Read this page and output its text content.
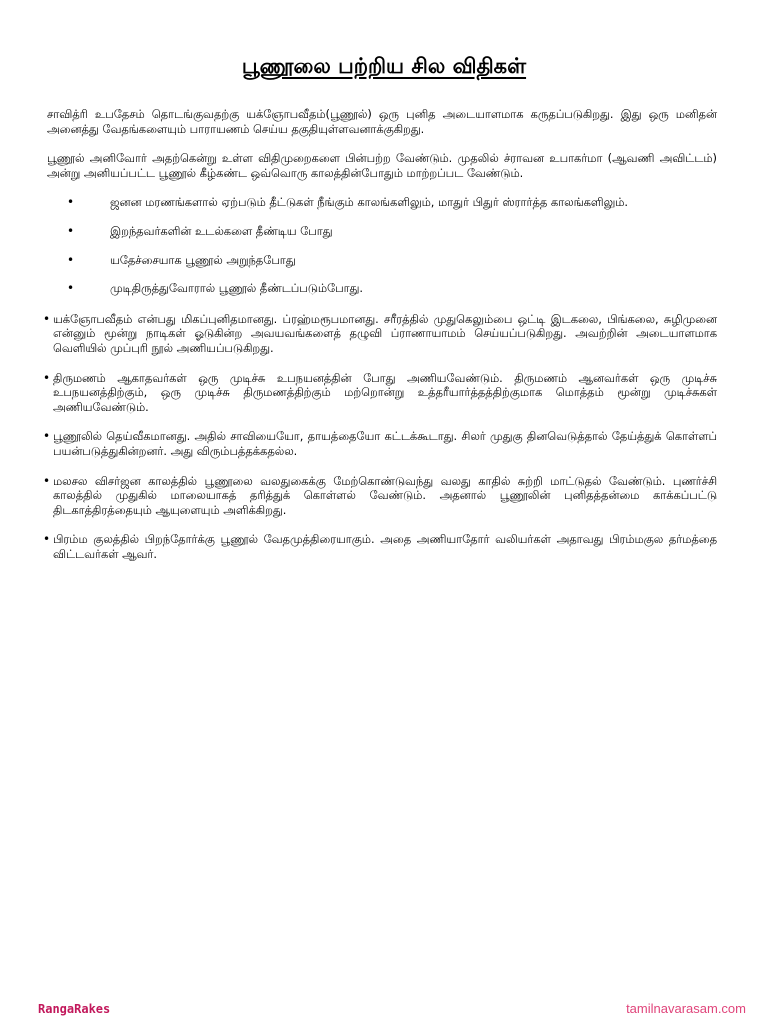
பூணூலை பற்றிய சில விதிகள்

சாவித்ரி உபதேசம் தொடங்குவதற்கு யக்ஞோபவீதம்(பூணூல்) ஒரு புனித அடையாளமாக கருதப்படுகிறது. இது ஒரு மனிதன் அனைத்து வேதங்களையும் பாராயணம் செய்ய தகுதியுள்ளவனாக்குகிறது.

பூணூல் அனிவோர் அதற்கென்று உள்ள விதிமுறைகளை பின்பற்ற வேண்டும். முதலில் ச்ராவன உபாகர்மா (ஆவணி அவிட்டம்) அன்று அனியப்பட்ட பூணூல் கீழ்கண்ட ஒவ்வொரு காலத்தின்போதும் மாற்றப்பட வேண்டும்.

•	ஜனன மரணங்களால் ஏற்படும் தீட்டுகள் நீங்கும் காலங்களிலும், மாதுர் பிதுர் ஸ்ரார்த்த காலங்களிலும்.
•	இறந்தவர்களின் உடல்களை தீண்டிய போது
•	யதேச்சையாக பூணூல் அறுந்தபோது
•	முடிதிருத்துவோரால் பூணூல் தீண்டப்படும்போது.
• யக்ஞோபவீதம் என்பது மிகப்புனிதமானது. ப்ரஹ்மரூபமானது. சரீரத்தில் முதுகெலும்பை ஒட்டி இடகலை, பிங்கலை, சுழிமுனை என்னும் மூன்று நாடிகள் ஓடுகின்ற அவயவங்களைத் தழுவி ப்ராணாயாமம் செய்யப்படுகிறது. அவற்றின் அடையாளமாக வெளியில் முப்புரி நூல் அணியப்படுகிறது.
• திருமணம் ஆகாதவர்கள் ஒரு முடிச்சு உபநயனத்தின் போது அணியவேண்டும். திருமணம் ஆனவர்கள் ஒரு முடிச்சு உபநயனத்திற்கும், ஒரு முடிச்சு திருமணத்திற்கும் மற்றொன்று உத்தரீயார்த்தத்திற்குமாக மொத்தம் மூன்று முடிச்சுகள் அணியவேண்டும்.
• பூணூலில் தெய்வீகமானது. அதில் சாவியையோ, தாயத்தையோ கட்டக்கூடாது. சிலர் முதுகு தினவெடுத்தால் தேய்த்துக் கொள்ளப் பயன்படுத்துகின்றனர். அது விரும்பத்தக்கதல்ல.
• மலசல விசர்ஜன காலத்தில் பூணூலை வலதுகைக்கு மேற்கொண்டுவந்து வலது காதில் சுற்றி மாட்டுதல் வேண்டும். புணர்ச்சி காலத்தில் முதுகில் மாலையாகத் தரித்துக் கொள்ளல் வேண்டும். அதனால் பூணூலின் புனிதத்தன்மை காக்கப்பட்டு திடகாத்திரத்தையும் ஆயுளையும் அளிக்கிறது.
• பிரம்ம குலத்தில் பிறந்தோர்க்கு பூணூல் வேதமுத்திரையாகும். அதை அணியாதோர் வலியர்கள் அதாவது பிரம்மகுல தர்மத்தை விட்டவர்கள் ஆவர்.
RangaRakes	tamilnavarasam.com
